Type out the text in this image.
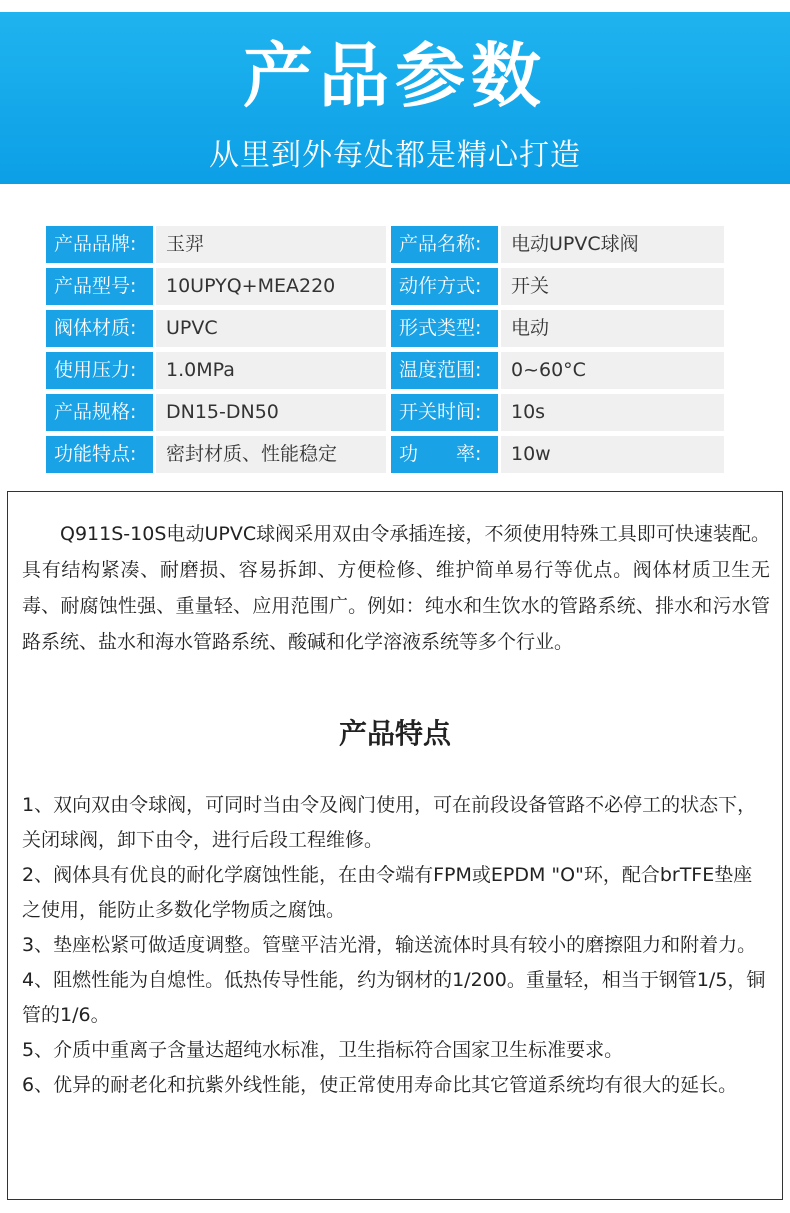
产品参数
从里到外每处都是精心打造
产品品牌:	玉羿	产品名称:	电动UPVC球阀
产品型号:	10UPYQ+MEA220	动作方式:	开关
阀体材质:	UPVC	形式类型:	电动
使用压力:	1.0MPa	温度范围:	0~60°C
产品规格:	DN15-DN50	开关时间:	10s
功能特点:	密封材质、性能稳定	功　　率:	10w
Q911S-10S电动UPVC球阀采用双由令承插连接，不须使用特殊工具即可快速装配。具有结构紧凑、耐磨损、容易拆卸、方便检修、维护简单易行等优点。阀体材质卫生无毒、耐腐蚀性强、重量轻、应用范围广。例如：纯水和生饮水的管路系统、排水和污水管路系统、盐水和海水管路系统、酸碱和化学溶液系统等多个行业。
产品特点
1、双向双由令球阀，可同时当由令及阀门使用，可在前段设备管路不必停工的状态下，关闭球阀，卸下由令，进行后段工程维修。
2、阀体具有优良的耐化学腐蚀性能，在由令端有FPM或EPDM "O"环，配合brTFE垫座之使用，能防止多数化学物质之腐蚀。
3、垫座松紧可做适度调整。管壁平洁光滑，输送流体时具有较小的磨擦阻力和附着力。
4、阻燃性能为自熄性。低热传导性能，约为钢材的1/200。重量轻，相当于钢管1/5，铜管的1/6。
5、介质中重离子含量达超纯水标准，卫生指标符合国家卫生标准要求。
6、优异的耐老化和抗紫外线性能，使正常使用寿命比其它管道系统均有很大的延长。
